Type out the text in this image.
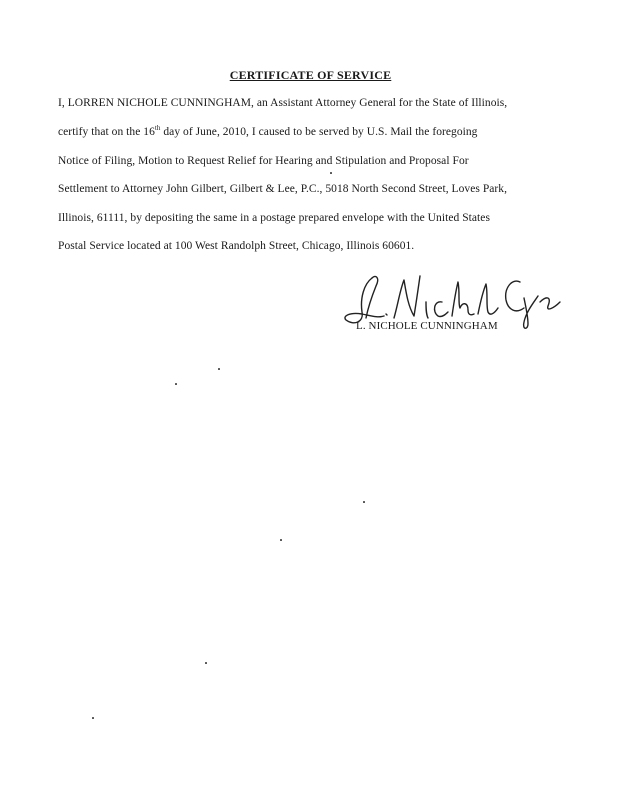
CERTIFICATE OF SERVICE
I, LORREN NICHOLE CUNNINGHAM, an Assistant Attorney General for the State of Illinois,
certify that on the 16th day of June, 2010, I caused to be served by U.S. Mail the foregoing
Notice of Filing, Motion to Request Relief for Hearing and Stipulation and Proposal For
Settlement to Attorney John Gilbert, Gilbert & Lee, P.C., 5018 North Second Street, Loves Park,
Illinois, 61111, by depositing the same in a postage prepared envelope with the United States
Postal Service located at 100 West Randolph Street, Chicago, Illinois 60601.
L. NICHOLE CUNNINGHAM
